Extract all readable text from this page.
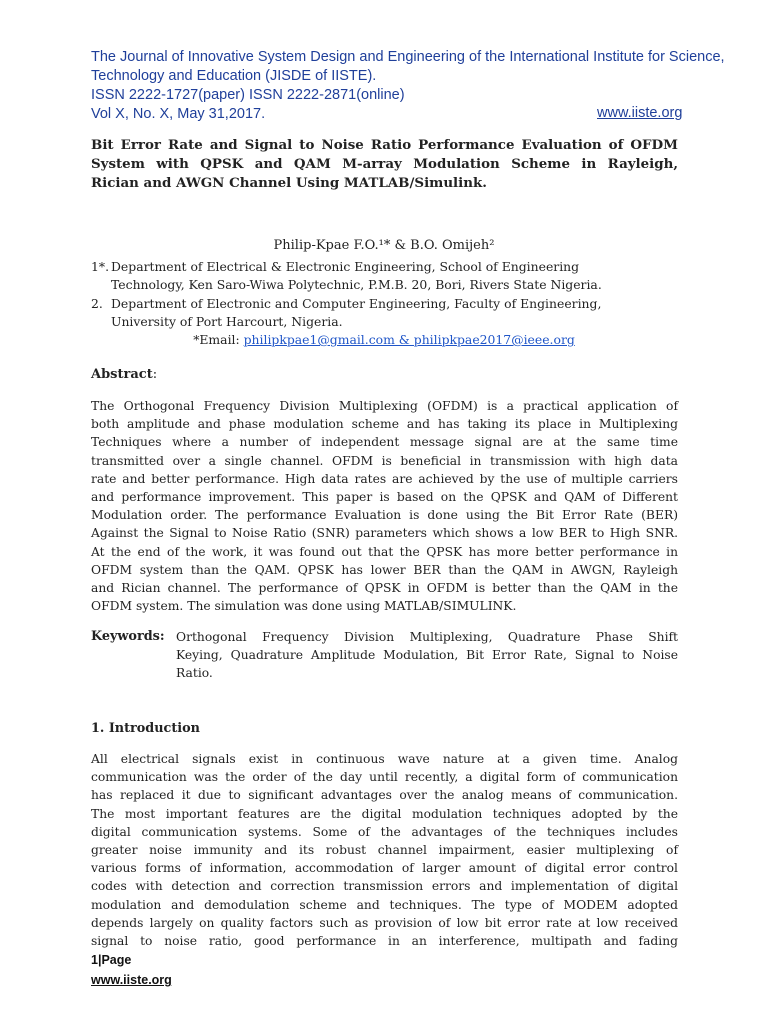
The Journal of Innovative System Design and Engineering of the International Institute for Science,
Technology and Education (JISDE of IISTE).
ISSN 2222-1727(paper) ISSN 2222-2871(online)
Vol X, No. X, May 31,2017.	www.iiste.org
Bit Error Rate and Signal to Noise Ratio Performance Evaluation of OFDM
System with QPSK and QAM M-array Modulation Scheme in Rayleigh,
Rician and AWGN Channel Using MATLAB/Simulink.
Philip-Kpae F.O.¹* & B.O. Omijeh²
1*. Department of Electrical & Electronic Engineering, School of Engineering
Technology, Ken Saro-Wiwa Polytechnic, P.M.B. 20, Bori, Rivers State Nigeria.
2. Department of Electronic and Computer Engineering, Faculty of Engineering,
University of Port Harcourt, Nigeria.
*Email: philipkpae1@gmail.com & philipkpae2017@ieee.org
Abstract:
The Orthogonal Frequency Division Multiplexing (OFDM) is a practical application of
both amplitude and phase modulation scheme and has taking its place in Multiplexing
Techniques where a number of independent message signal are at the same time
transmitted over a single channel. OFDM is beneficial in transmission with high data
rate and better performance. High data rates are achieved by the use of multiple carriers
and performance improvement. This paper is based on the QPSK and QAM of Different
Modulation order. The performance Evaluation is done using the Bit Error Rate (BER)
Against the Signal to Noise Ratio (SNR) parameters which shows a low BER to High SNR.
At the end of the work, it was found out that the QPSK has more better performance in
OFDM system than the QAM. QPSK has lower BER than the QAM in AWGN, Rayleigh
and Rician channel. The performance of QPSK in OFDM is better than the QAM in the
OFDM system. The simulation was done using MATLAB/SIMULINK.
Keywords: Orthogonal Frequency Division Multiplexing, Quadrature Phase Shift
Keying, Quadrature Amplitude Modulation, Bit Error Rate, Signal to Noise
Ratio.
1. Introduction
All electrical signals exist in continuous wave nature at a given time. Analog
communication was the order of the day until recently, a digital form of communication
has replaced it due to significant advantages over the analog means of communication.
The most important features are the digital modulation techniques adopted by the
digital communication systems. Some of the advantages of the techniques includes
greater noise immunity and its robust channel impairment, easier multiplexing of
various forms of information, accommodation of larger amount of digital error control
codes with detection and correction transmission errors and implementation of digital
modulation and demodulation scheme and techniques. The type of MODEM adopted
depends largely on quality factors such as provision of low bit error rate at low received
signal to noise ratio, good performance in an interference, multipath and fading
1|Page
www.iiste.org
